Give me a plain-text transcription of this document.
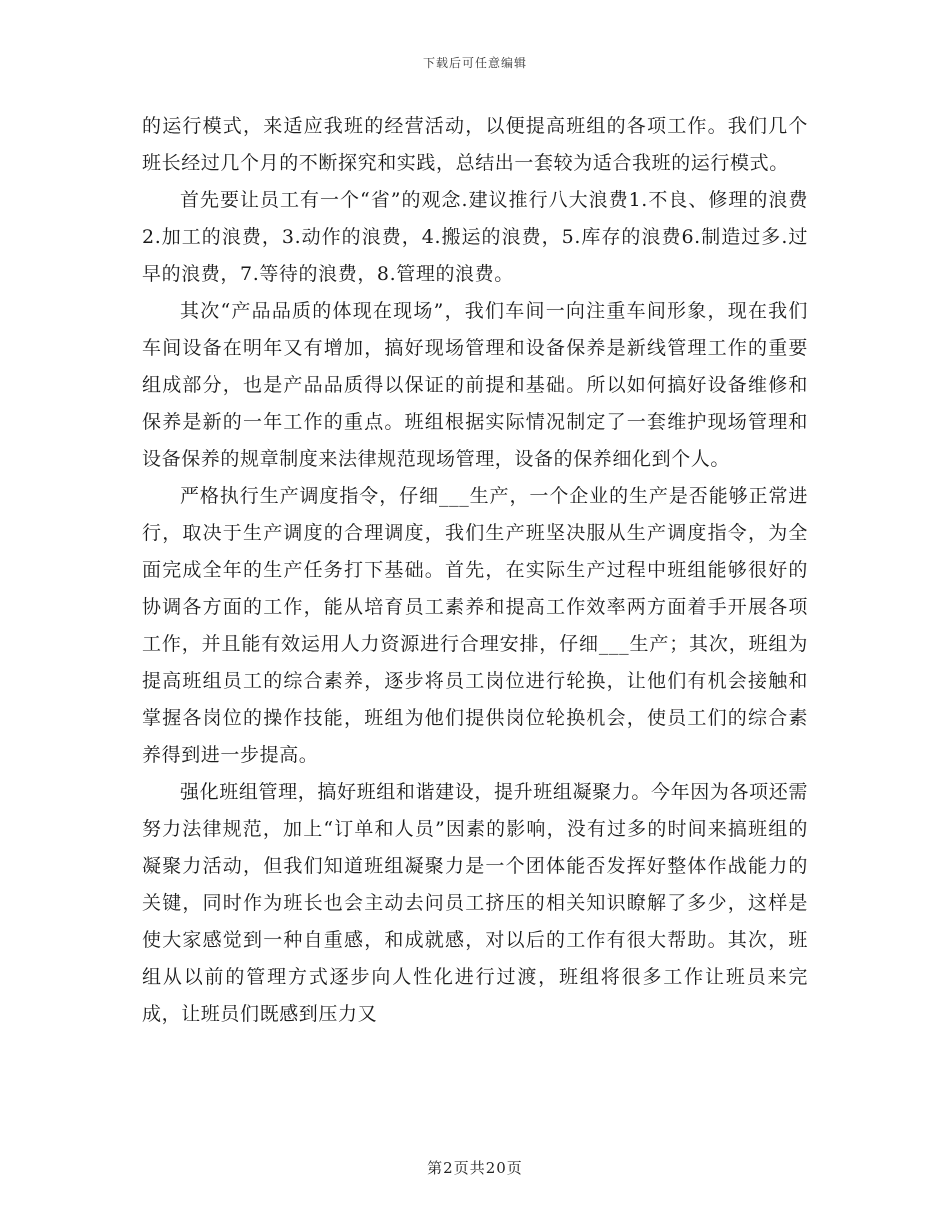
下载后可任意编辑

的运行模式，来适应我班的经营活动，以便提高班组的各项工作。我们几个班长经过几个月的不断探究和实践，总结出一套较为适合我班的运行模式。

首先要让员工有一个“省”的观念.建议推行八大浪费1.不良、修理的浪费2.加工的浪费，3.动作的浪费，4.搬运的浪费，5.库存的浪费6.制造过多.过早的浪费，7.等待的浪费，8.管理的浪费。

其次“产品品质的体现在现场”，我们车间一向注重车间形象，现在我们车间设备在明年又有增加，搞好现场管理和设备保养是新线管理工作的重要组成部分，也是产品品质得以保证的前提和基础。所以如何搞好设备维修和保养是新的一年工作的重点。班组根据实际情况制定了一套维护现场管理和设备保养的规章制度来法律规范现场管理，设备的保养细化到个人。

严格执行生产调度指令，仔细___生产，一个企业的生产是否能够正常进行，取决于生产调度的合理调度，我们生产班坚决服从生产调度指令，为全面完成全年的生产任务打下基础。首先，在实际生产过程中班组能够很好的协调各方面的工作，能从培育员工素养和提高工作效率两方面着手开展各项工作，并且能有效运用人力资源进行合理安排，仔细___生产；其次，班组为提高班组员工的综合素养，逐步将员工岗位进行轮换，让他们有机会接触和掌握各岗位的操作技能，班组为他们提供岗位轮换机会，使员工们的综合素养得到进一步提高。

强化班组管理，搞好班组和谐建设，提升班组凝聚力。今年因为各项还需努力法律规范，加上“订单和人员”因素的影响，没有过多的时间来搞班组的凝聚力活动，但我们知道班组凝聚力是一个团体能否发挥好整体作战能力的关键，同时作为班长也会主动去问员工挤压的相关知识瞭解了多少，这样是使大家感觉到一种自重感，和成就感，对以后的工作有很大帮助。其次，班组从以前的管理方式逐步向人性化进行过渡，班组将很多工作让班员来完成，让班员们既感到压力又

第2页共20页
